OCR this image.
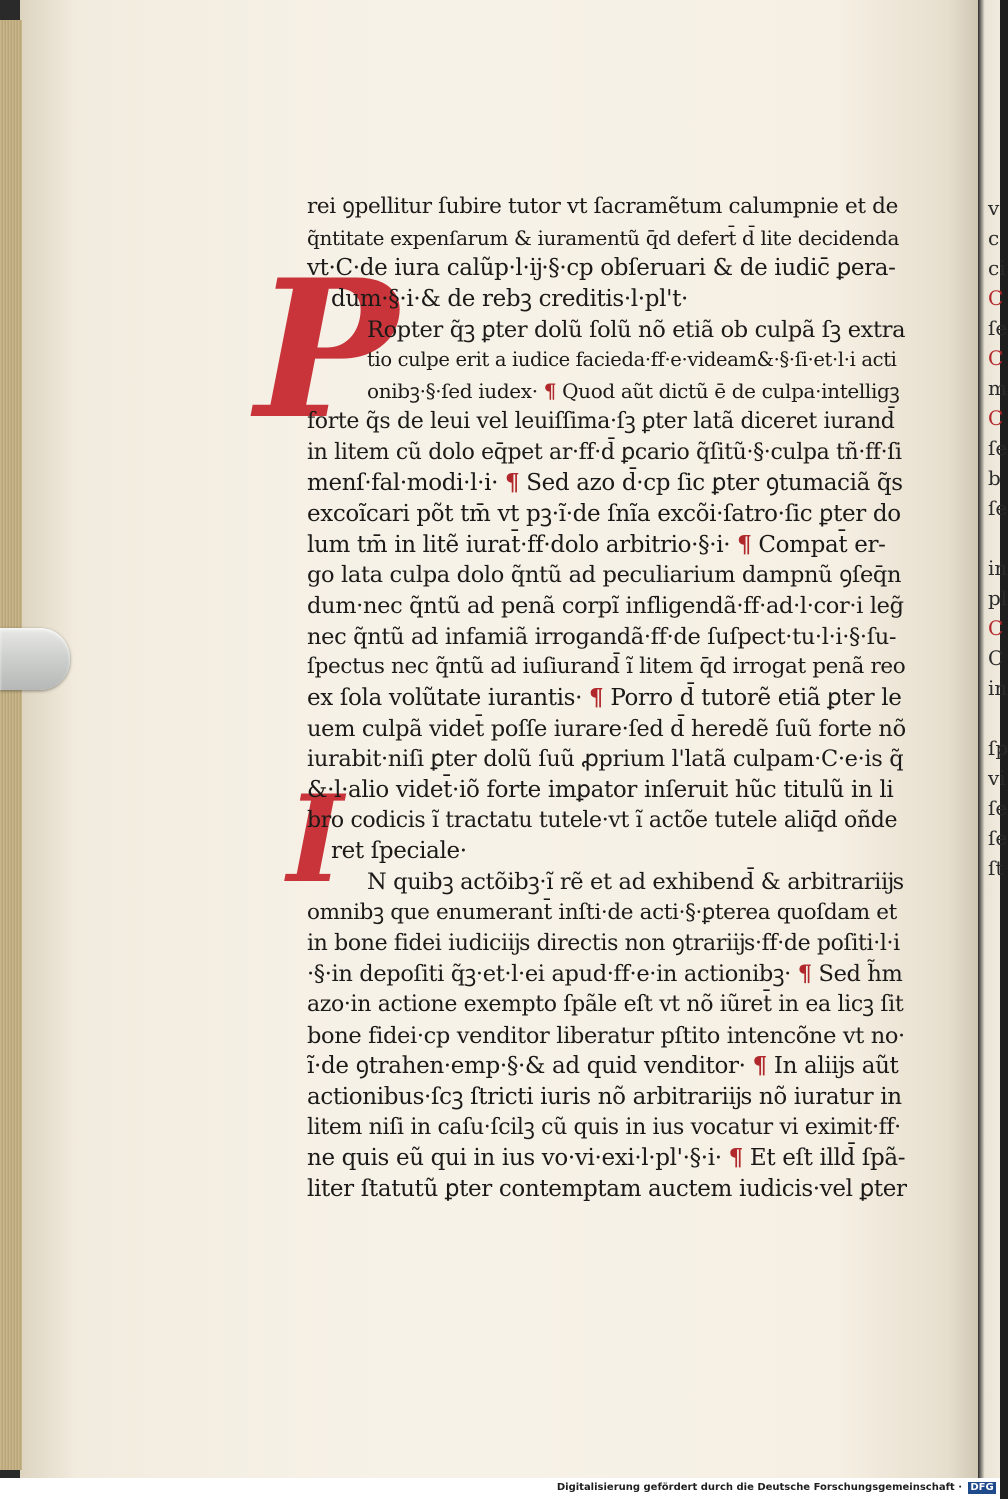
v
c
ci
C
ſe
C
m
C
ſe
b
ſe
in
pl
C
C
in
ſp
vi
ſe
ſe
ſt
P
I
rei ꝯpellitur ſubire tutor vt ſacramẽtum calumpnie et de
q̃ntitate expenſarum & iuramentũ q̄d defert̄ d̄ lite decidenda
vt·C·de iura calũp·l·ĳ·§·cp obſeruari & de iudic̄ ꝑera-
dum·§·i·& de rebꝫ creditis·l·pl't·
Ropter q̃ꝫ ꝑter dolũ ſolũ nõ etiã ob culpã ſꝫ extra
tio culpe erit a iudice facieda·ff·e·videam&·§·ſi·et·l·i acti
onibꝫ·§·ſed iudex· ¶ Quod aũt dictũ ē de culpa·intelligꝫ
forte q̃s de leui vel leuiſſima·ſꝫ ꝑter latã diceret iurand̄
in litem cũ dolo eq̄pet ar·ff·d̄ ꝑcario q̃ſitũ·§·culpa tñ·ff·ſi
menſ·fal·modi·l·i· ¶ Sed azo d̄·cp ſic ꝑter ꝯtumaciã q̃s
excoĩcari põt tm̄ vt pꝫ·ĩ·de ſnĩa excõi·ſatro·ſic ꝑter do
lum tm̄ in litẽ iurat̄·ff·dolo arbitrio·§·i· ¶ Compat̄ er-
go lata culpa dolo q̃ntũ ad peculiarium dampnũ ꝯſeq̄n
dum·nec q̃ntũ ad penã corpĩ infligendã·ff·ad·l·cor·i leg̃
nec q̃ntũ ad infamiã irrogandã·ff·de ſuſpect·tu·l·i·§·ſu-
ſpectus nec q̃ntũ ad iuſiurand̄ ĩ litem q̄d irrogat penã reo
ex ſola volũtate iurantis· ¶ Porro d̄ tutorẽ etiã ꝑter le
uem culpã videt̄ poſſe iurare·ſed d̄ heredẽ ſuũ forte nõ
iurabit·niſi ꝑter dolũ ſuũ ꝓprium l'latã culpam·C·e·is q̃
&·l·alio videt̄·iõ forte imꝑator inſeruit hũc titulũ in li
bro codicis ĩ tractatu tutele·vt ĩ actõe tutele aliq̄d oñde
ret ſpeciale·
N quibꝫ actõibꝫ·ĩ rẽ et ad exhibend̄ & arbitrariĳs
omnibꝫ que enumerant̄ inſti·de acti·§·ꝑterea quoſdam et
in bone fidei iudiciĳs directis non ꝯtrariĳs·ff·de poſiti·l·i
·§·in depoſiti q̃ꝫ·et·l·ei apud·ff·e·in actionibꝫ· ¶ Sed h̃m
azo·in actione exempto ſpãle eſt vt nõ iũret̄ in ea licꝫ ſit
bone fidei·cp venditor liberatur pſtito intencõne vt no·
ĩ·de ꝯtrahen·emp·§·& ad quid venditor· ¶ In aliĳs aũt
actionibus·ſcꝫ ſtricti iuris nõ arbitrariĳs nõ iuratur in
litem niſi in caſu·ſcilꝫ cũ quis in ius vocatur vi eximit·ff·
ne quis eũ qui in ius vo·vi·exi·l·pl'·§·i· ¶ Et eſt illd̄ ſpã-
liter ſtatutũ ꝑter contemptam auctem iudicis·vel ꝑter
Digitalisierung gefördert durch die Deutsche Forschungsgemeinschaft · DFG
